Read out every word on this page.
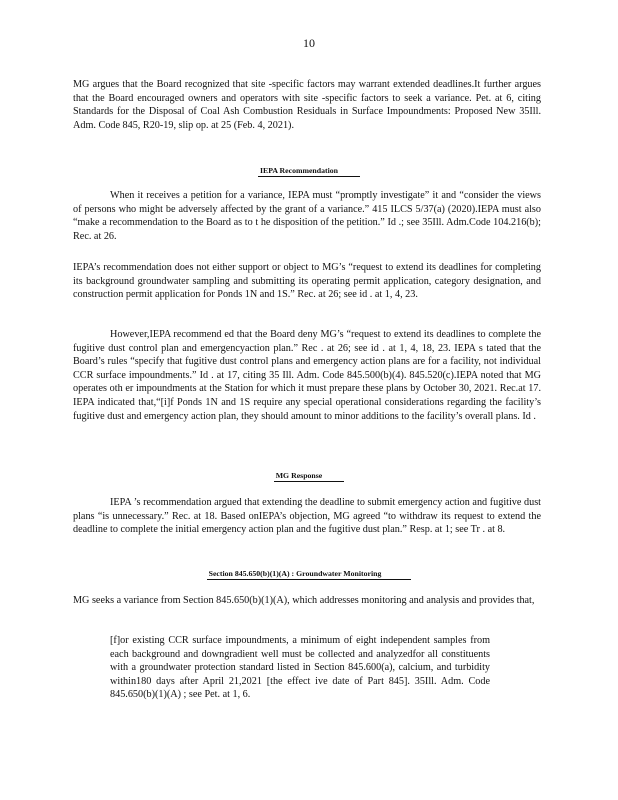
10

MG argues that the Board recognized that site -specific factors may warrant extended deadlines.It further argues that the Board encouraged owners and operators with site -specific factors to seek a variance. Pet. at 6, citing Standards for the Disposal of Coal Ash Combustion Residuals in Surface Impoundments: Proposed New 35Ill. Adm. Code 845, R20-19, slip op. at 25 (Feb. 4, 2021).

IEPA Recommendation

When it receives a petition for a variance, IEPA must “promptly investigate” it and “consider the views of persons who might be adversely affected by the grant of a variance.” 415 ILCS 5/37(a) (2020).IEPA must also “make a recommendation to the Board as to t he disposition of the petition.” Id .; see 35Ill. Adm.Code 104.216(b); Rec. at 26.

IEPA’s recommendation does not either support or object to MG’s “request to extend its deadlines for completing its background groundwater sampling and submitting its operating permit application, category designation, and construction permit application for Ponds 1N and 1S.” Rec. at 26; see id . at 1, 4, 23.

However,IEPA recommend ed that the Board deny MG’s “request to extend its deadlines to complete the fugitive dust control plan and emergencyaction plan.” Rec . at 26; see id . at 1, 4, 18, 23. IEPA s tated that the Board’s rules “specify that fugitive dust control plans and emergency action plans are for a facility, not individual CCR surface impoundments.” Id . at 17, citing 35 Ill. Adm. Code 845.500(b)(4). 845.520(c).IEPA noted that MG operates oth er impoundments at the Station for which it must prepare these plans by October 30, 2021. Rec.at 17. IEPA indicated that,“[i]f Ponds 1N and 1S require any special operational considerations regarding the facility’s fugitive dust and emergency action plan, they should amount to minor additions to the facility’s overall plans. Id .

MG Response

IEPA ’s recommendation argued that extending the deadline to submit emergency action and fugitive dust plans “is unnecessary.” Rec. at 18. Based onIEPA’s objection, MG agreed “to withdraw its request to extend the deadline to complete the initial emergency action plan and the fugitive dust plan.” Resp. at 1; see Tr . at 8.

Section 845.650(b)(1)(A) : Groundwater Monitoring

MG seeks a variance from Section 845.650(b)(1)(A), which addresses monitoring and analysis and provides that,

[f]or existing CCR surface impoundments, a minimum of eight independent samples from each background and downgradient well must be collected and analyzedfor all constituents with a groundwater protection standard listed in Section 845.600(a), calcium, and turbidity within180 days after April 21,2021 [the effect ive date of Part 845]. 35Ill. Adm. Code 845.650(b)(1)(A) ; see Pet. at 1, 6.
